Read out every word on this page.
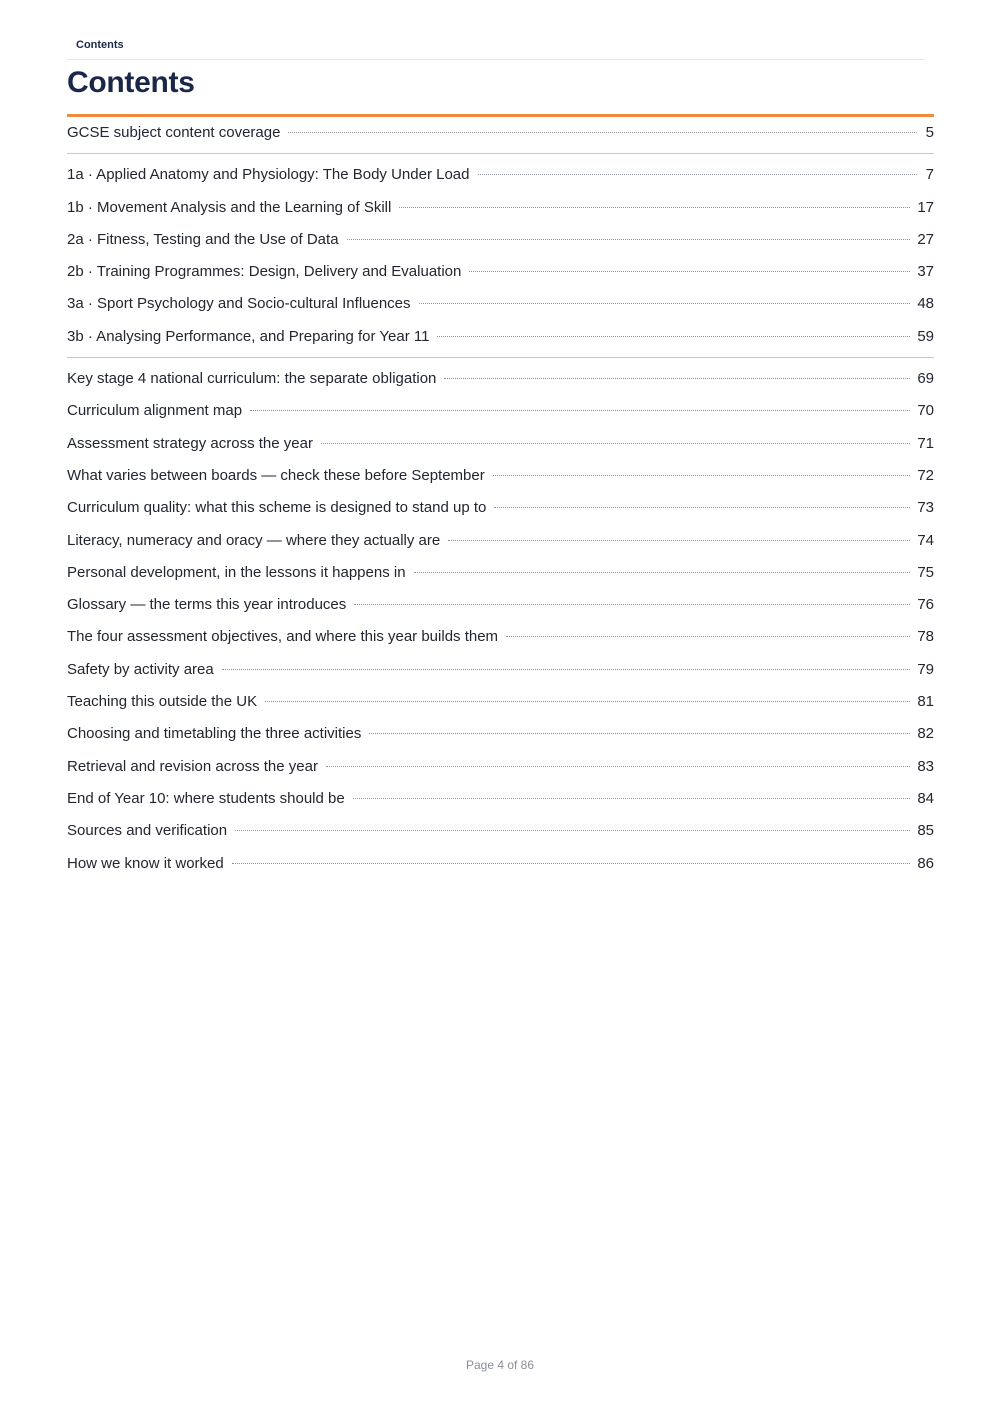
Contents
Contents
GCSE subject content coverage	5
1a · Applied Anatomy and Physiology: The Body Under Load	7
1b · Movement Analysis and the Learning of Skill	17
2a · Fitness, Testing and the Use of Data	27
2b · Training Programmes: Design, Delivery and Evaluation	37
3a · Sport Psychology and Socio-cultural Influences	48
3b · Analysing Performance, and Preparing for Year 11	59
Key stage 4 national curriculum: the separate obligation	69
Curriculum alignment map	70
Assessment strategy across the year	71
What varies between boards — check these before September	72
Curriculum quality: what this scheme is designed to stand up to	73
Literacy, numeracy and oracy — where they actually are	74
Personal development, in the lessons it happens in	75
Glossary — the terms this year introduces	76
The four assessment objectives, and where this year builds them	78
Safety by activity area	79
Teaching this outside the UK	81
Choosing and timetabling the three activities	82
Retrieval and revision across the year	83
End of Year 10: where students should be	84
Sources and verification	85
How we know it worked	86
Page 4 of 86
